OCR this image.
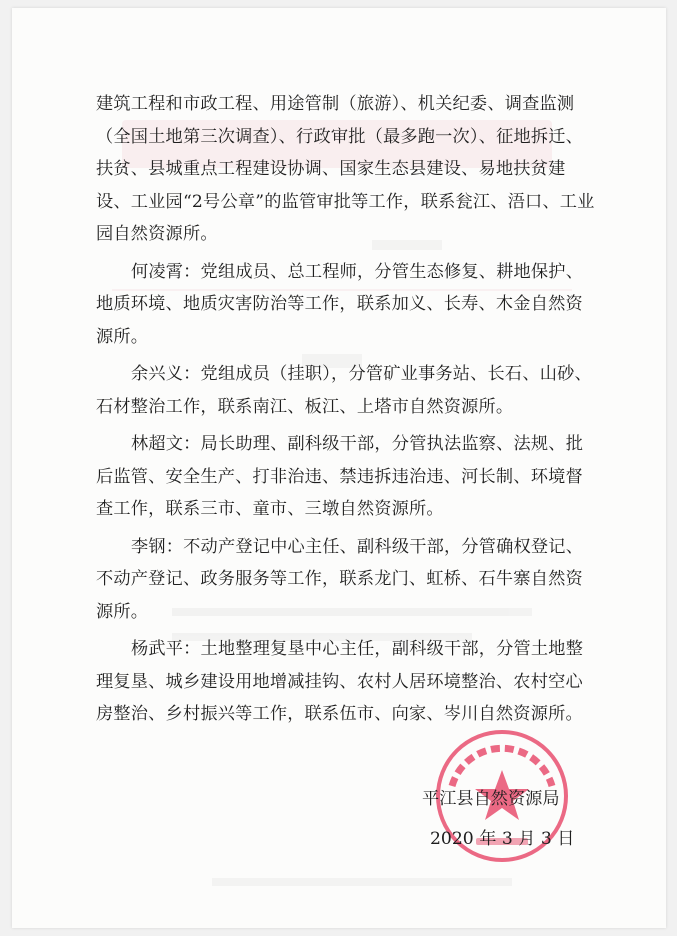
建筑工程和市政工程、用途管制（旅游）、机关纪委、调查监测（全国土地第三次调查）、行政审批（最多跑一次）、征地拆迁、扶贫、县城重点工程建设协调、国家生态县建设、易地扶贫建设、工业园“2号公章”的监管审批等工作，联系瓮江、浯口、工业园自然资源所。

何凌霄：党组成员、总工程师，分管生态修复、耕地保护、地质环境、地质灾害防治等工作，联系加义、长寿、木金自然资源所。

余兴义：党组成员（挂职），分管矿业事务站、长石、山砂、石材整治工作，联系南江、板江、上塔市自然资源所。

林超文：局长助理、副科级干部，分管执法监察、法规、批后监管、安全生产、打非治违、禁违拆违治违、河长制、环境督查工作，联系三市、童市、三墩自然资源所。

李钢：不动产登记中心主任、副科级干部，分管确权登记、不动产登记、政务服务等工作，联系龙门、虹桥、石牛寨自然资源所。

杨武平：土地整理复垦中心主任，副科级干部，分管土地整理复垦、城乡建设用地增减挂钩、农村人居环境整治、农村空心房整治、乡村振兴等工作，联系伍市、向家、岑川自然资源所。

平江县自然资源局
2020 年 3 月 3 日
